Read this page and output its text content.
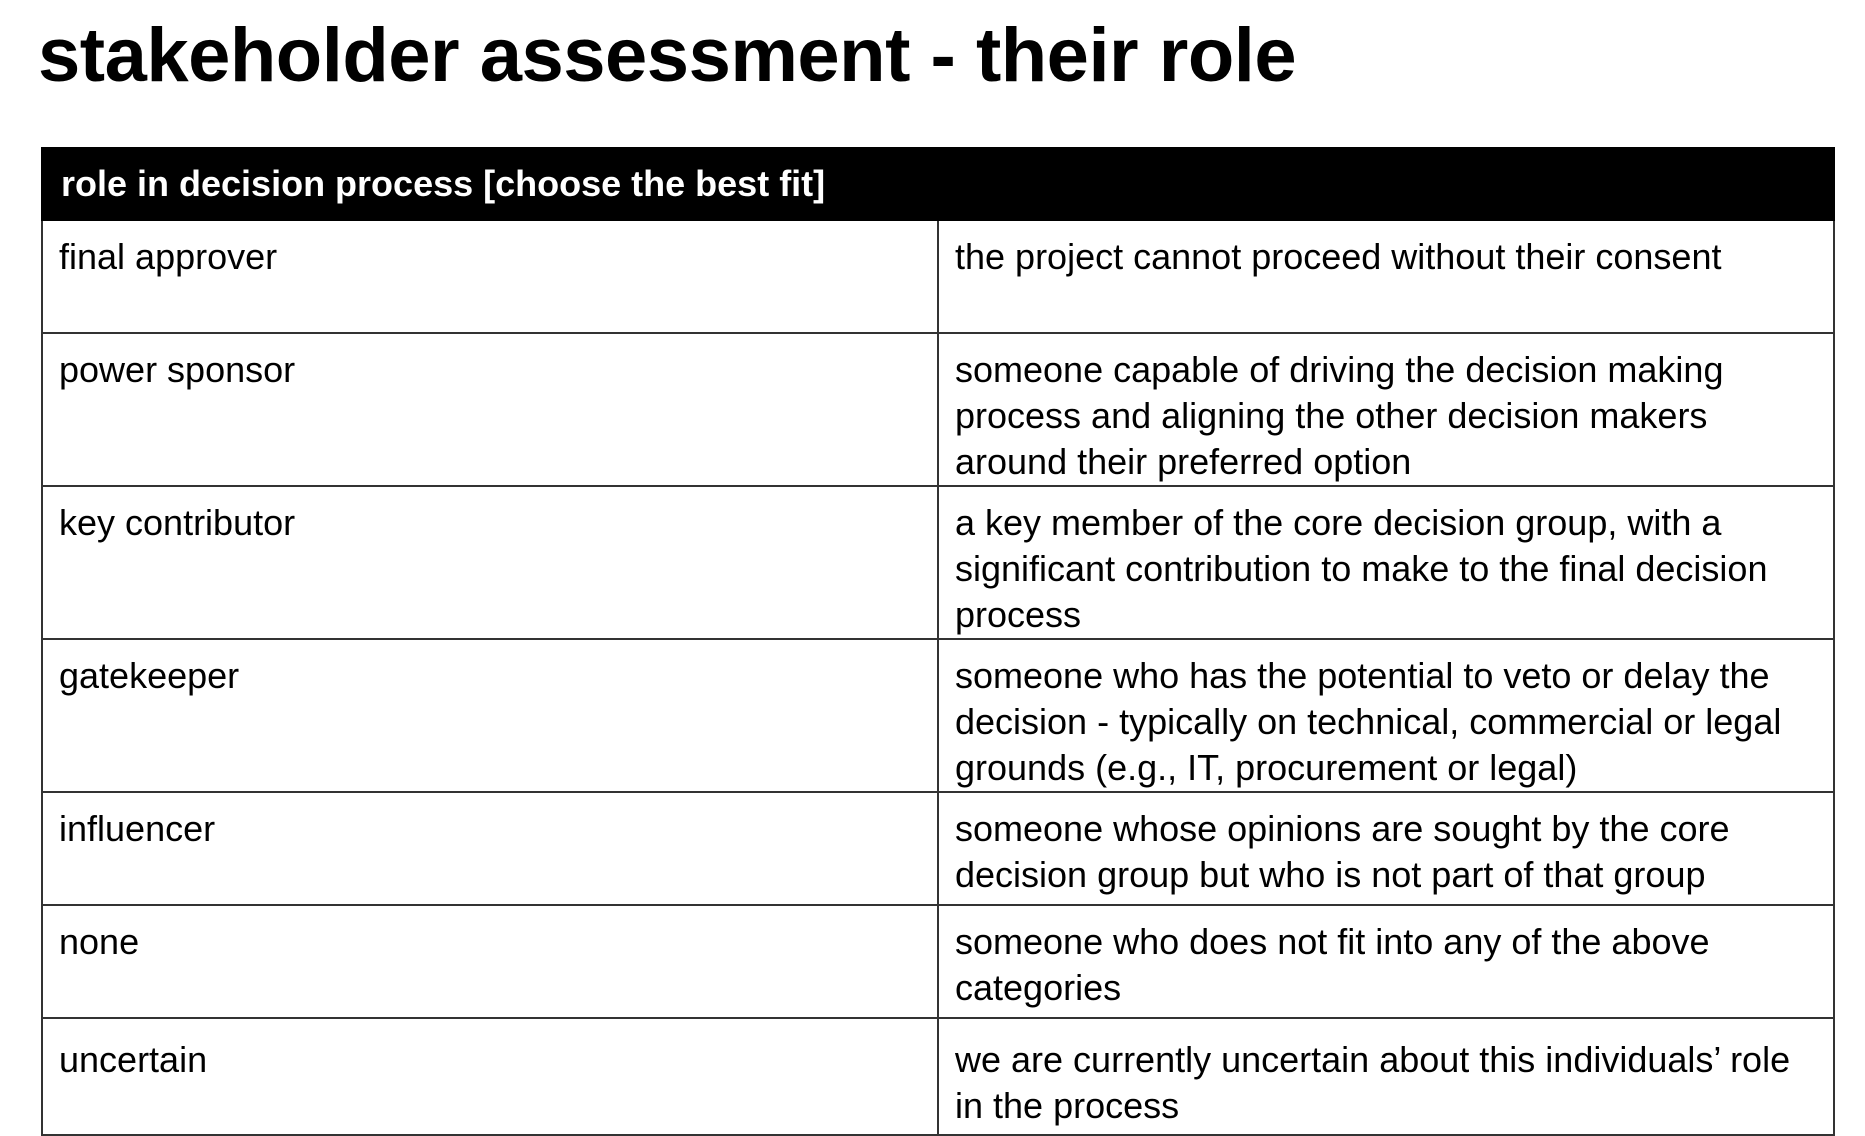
stakeholder assessment - their role
role in decision process [choose the best fit]	
final approver	the project cannot proceed without their consent
power sponsor	someone capable of driving the decision making process and aligning the other decision makers around their preferred option
key contributor	a key member of the core decision group, with a significant contribution to make to the final decision process
gatekeeper	someone who has the potential to veto or delay the decision - typically on technical, commercial or legal grounds (e.g., IT, procurement or legal)
influencer	someone whose opinions are sought by the core decision group but who is not part of that group
none	someone who does not fit into any of the above categories
uncertain	we are currently uncertain about this individuals’ role in the process
